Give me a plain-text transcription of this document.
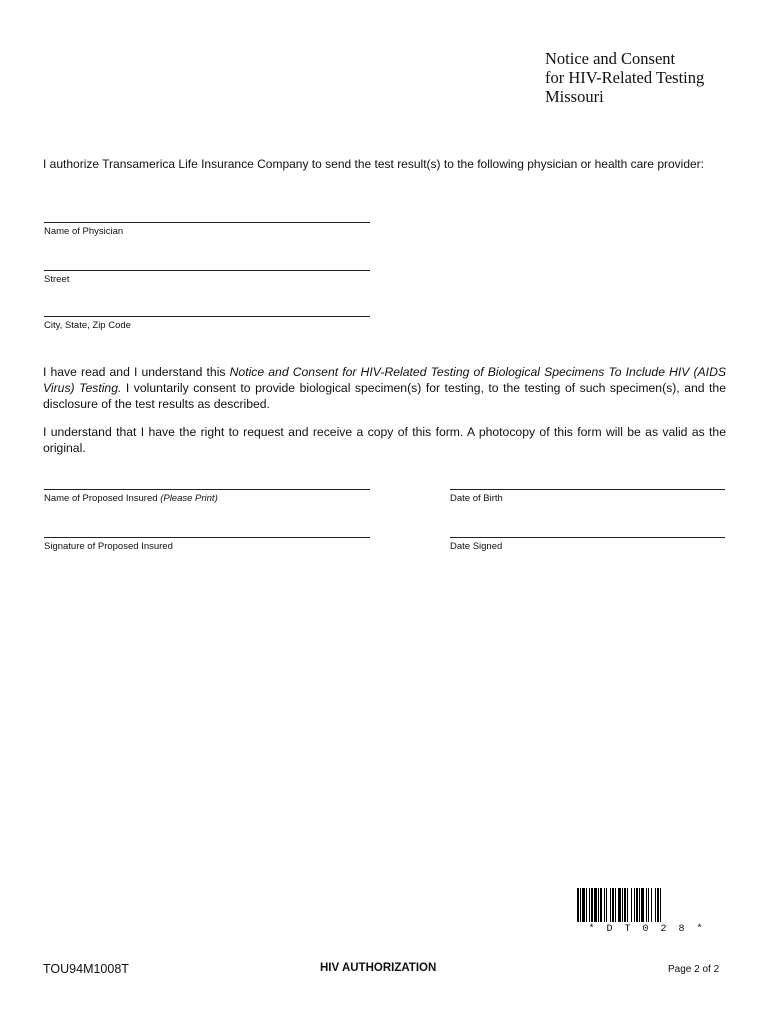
Notice and Consent
for HIV-Related Testing
Missouri
I authorize Transamerica Life Insurance Company to send the test result(s) to the following physician or health care provider:
Name of Physician
Street
City, State, Zip Code
I have read and I understand this Notice and Consent for HIV-Related Testing of Biological Specimens To Include HIV (AIDS Virus) Testing. I voluntarily consent to provide biological specimen(s) for testing, to the testing of such specimen(s), and the disclosure of the test results as described.
I understand that I have the right to request and receive a copy of this form. A photocopy of this form will be as valid as the original.
Name of Proposed Insured (Please Print)	Date of Birth
Signature of Proposed Insured	Date Signed
* D T 0 2 8 *
TOU94M1008T	HIV AUTHORIZATION	Page 2 of 2
